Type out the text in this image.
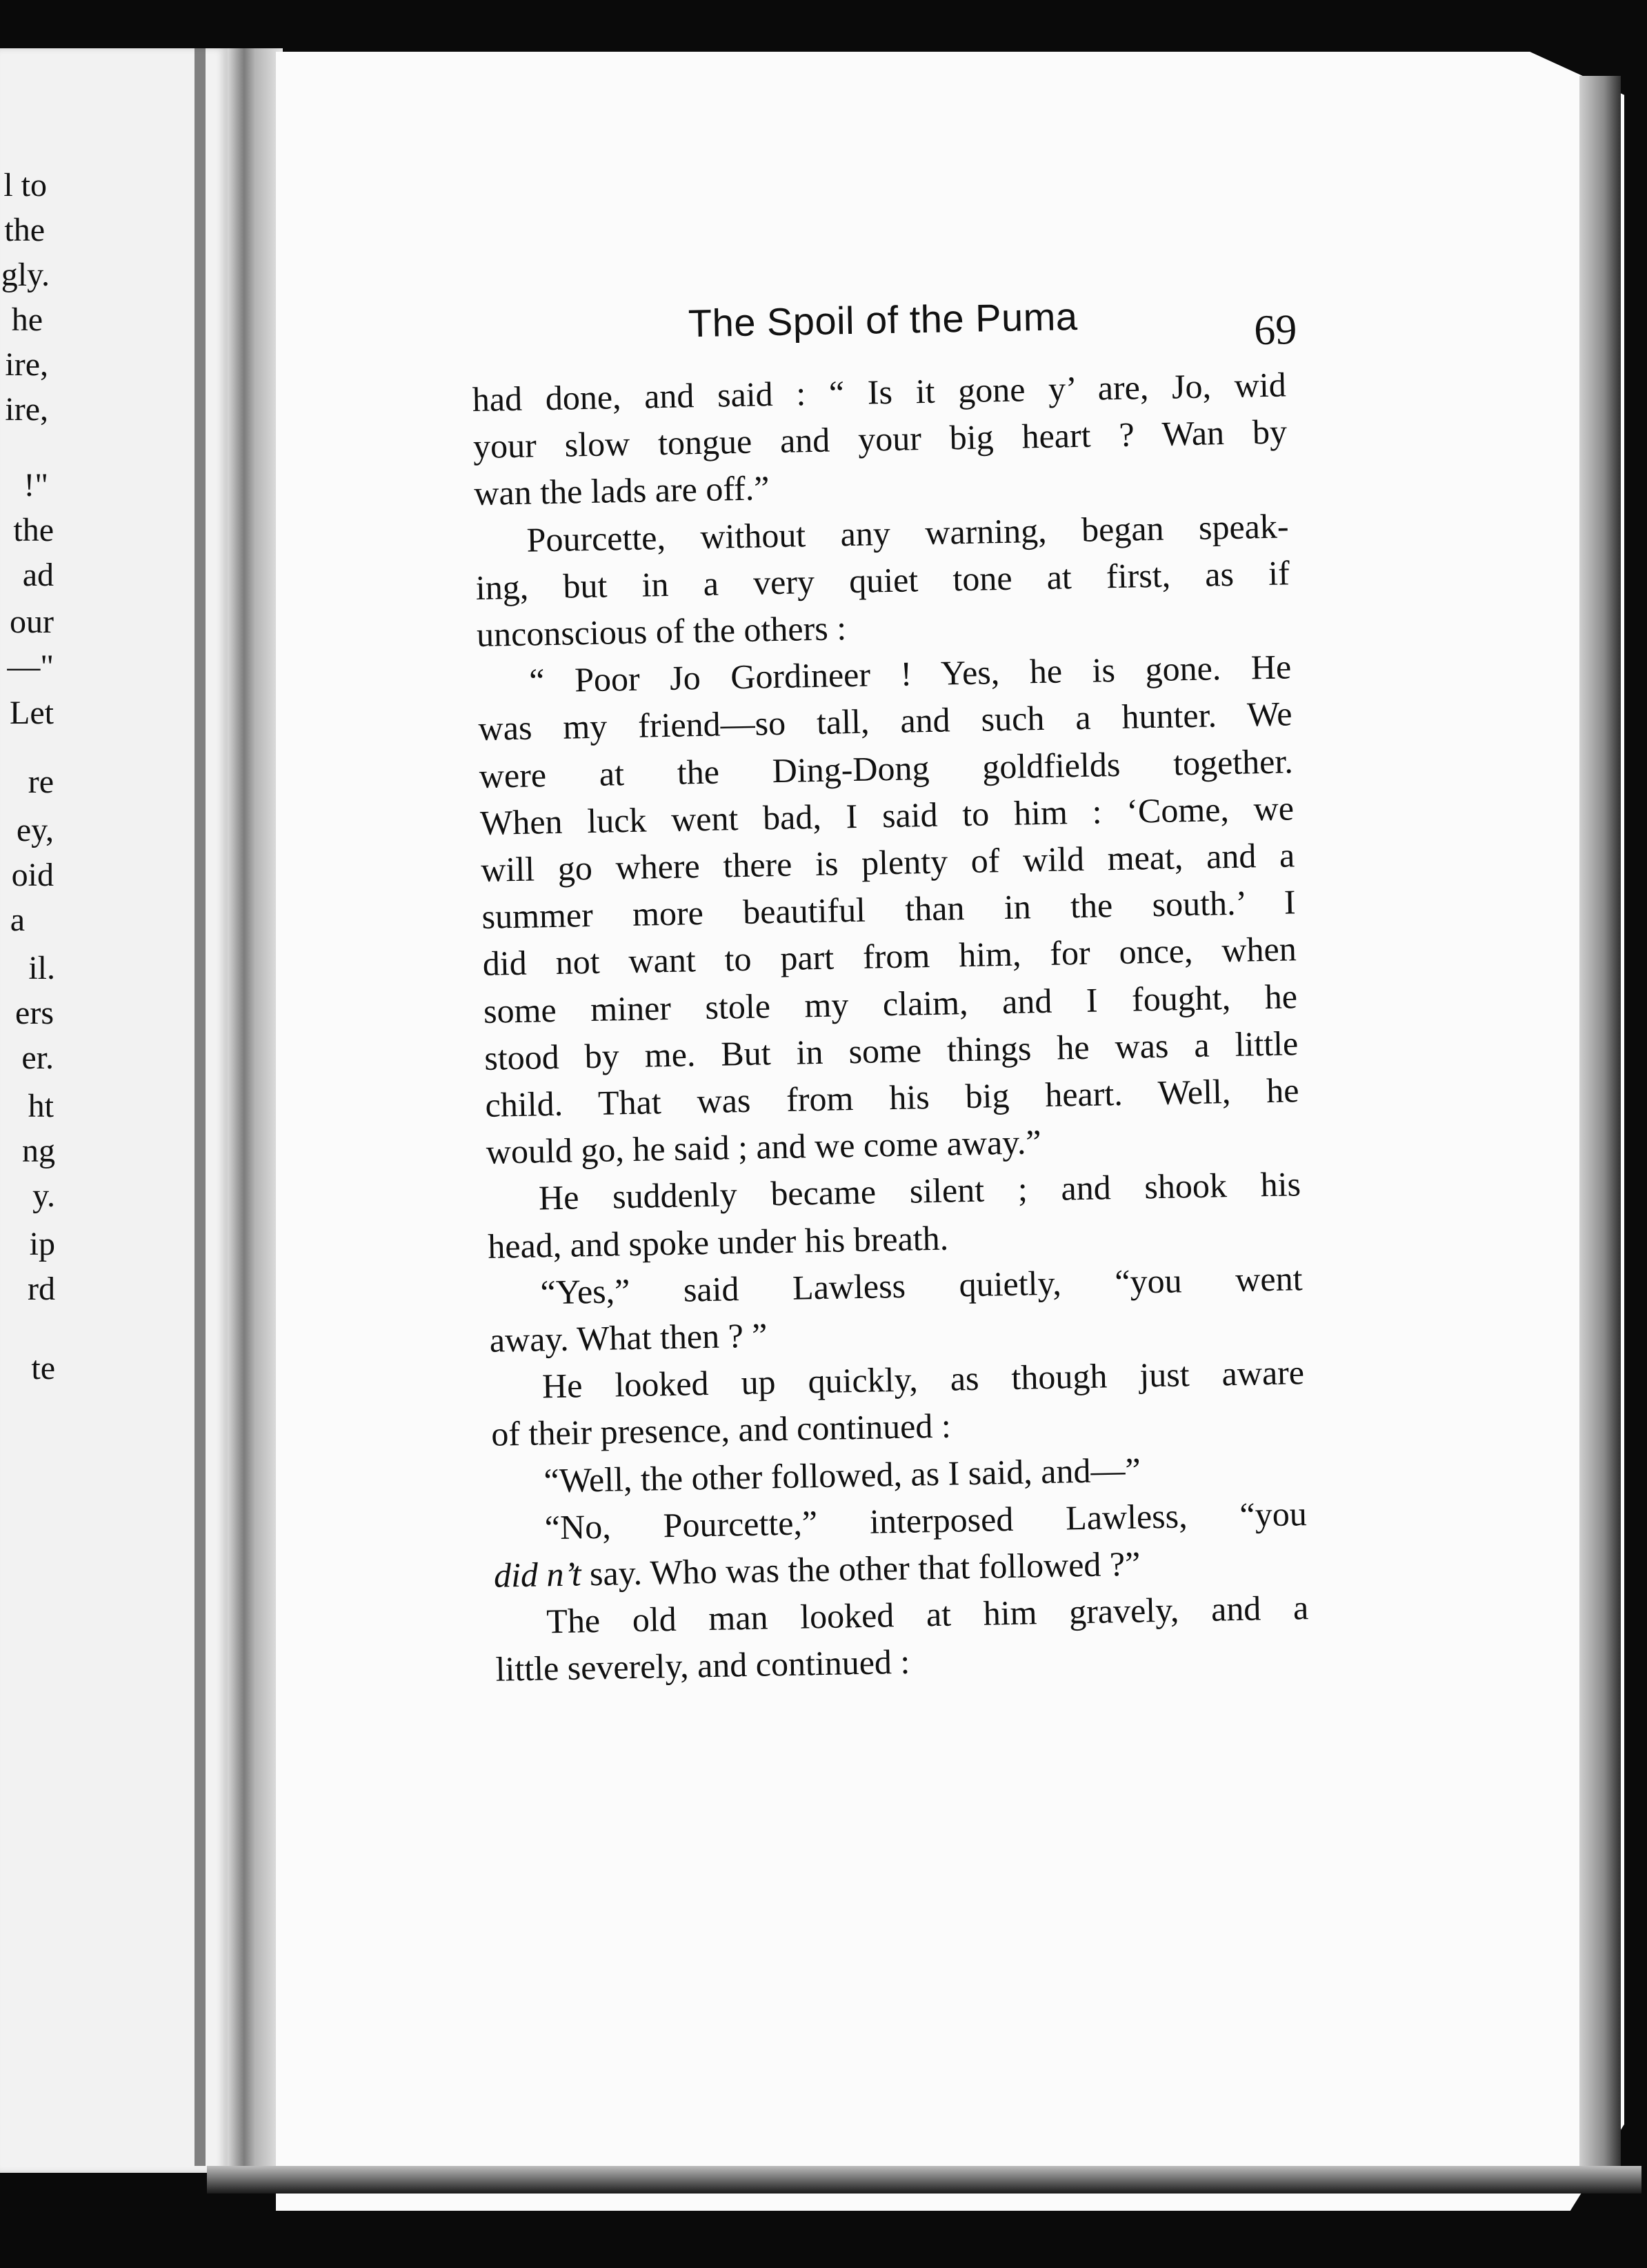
l to
the
gly.
he
ire,
ire,
!"
the
ad
our
—"
Let
re
ey,
oid
a
il.
ers
er.
ht
ng
y.
ip
rd
te
The Spoil of the Puma	69

had done, and said : “ Is it gone y’ are, Jo, wid
your slow tongue and your big heart ? Wan by
wan the lads are off.”

Pourcette, without any warning, began speak-
ing, but in a very quiet tone at first, as if
unconscious of the others :

“ Poor Jo Gordineer ! Yes, he is gone. He
was my friend—so tall, and such a hunter. We
were at the Ding-Dong goldfields together.
When luck went bad, I said to him : ‘Come, we
will go where there is plenty of wild meat, and a
summer more beautiful than in the south.’ I
did not want to part from him, for once, when
some miner stole my claim, and I fought, he
stood by me. But in some things he was a little
child. That was from his big heart. Well, he
would go, he said ; and we come away.”

He suddenly became silent ; and shook his
head, and spoke under his breath.

“Yes,” said Lawless quietly, “you went
away. What then ? ”

He looked up quickly, as though just aware
of their presence, and continued :

“Well, the other followed, as I said, and—”

“No, Pourcette,” interposed Lawless, “you
did n’t say. Who was the other that followed ?”

The old man looked at him gravely, and a
little severely, and continued :
